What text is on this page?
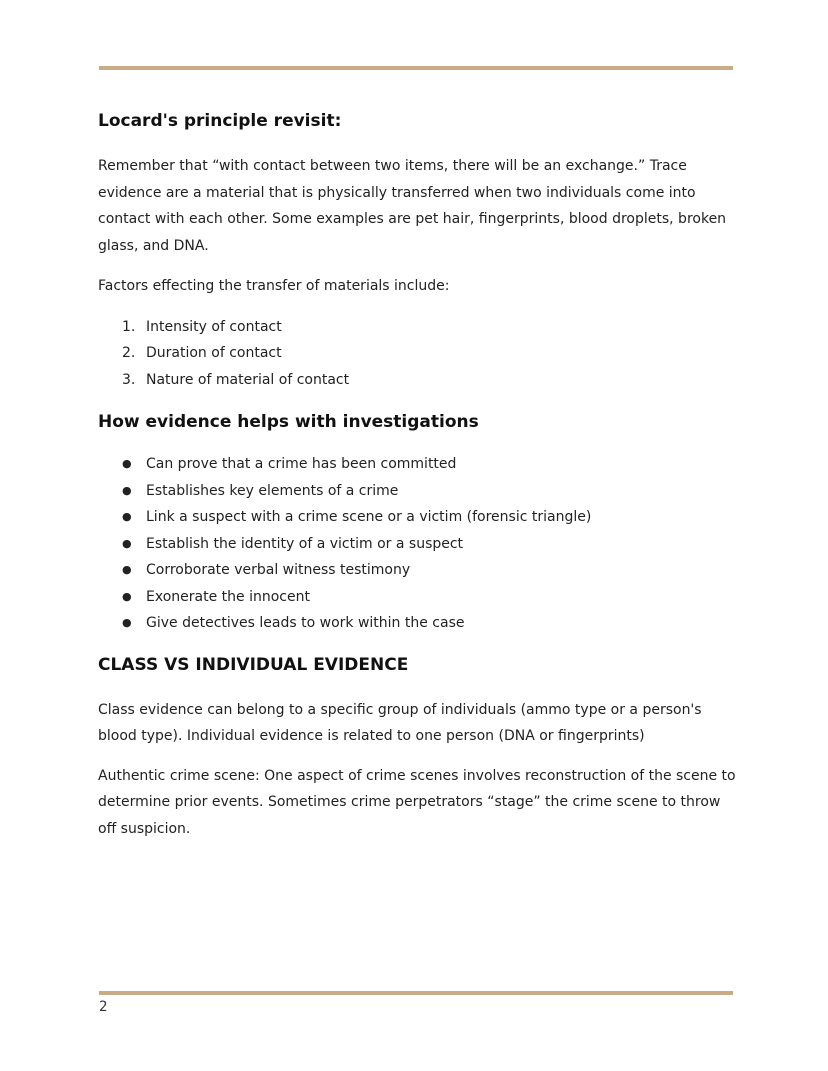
Locard's principle revisit:

Remember that “with contact between two items, there will be an exchange.” Trace evidence are a material that is physically transferred when two individuals come into contact with each other. Some examples are pet hair, fingerprints, blood droplets, broken glass, and DNA.

Factors effecting the transfer of materials include:

1. Intensity of contact
2. Duration of contact
3. Nature of material of contact
How evidence helps with investigations
● Can prove that a crime has been committed
● Establishes key elements of a crime
● Link a suspect with a crime scene or a victim (forensic triangle)
● Establish the identity of a victim or a suspect
● Corroborate verbal witness testimony
● Exonerate the innocent
● Give detectives leads to work within the case
CLASS VS INDIVIDUAL EVIDENCE

Class evidence can belong to a specific group of individuals (ammo type or a person's blood type). Individual evidence is related to one person (DNA or fingerprints)

Authentic crime scene: One aspect of crime scenes involves reconstruction of the scene to determine prior events. Sometimes crime perpetrators “stage” the crime scene to throw off suspicion.

2
